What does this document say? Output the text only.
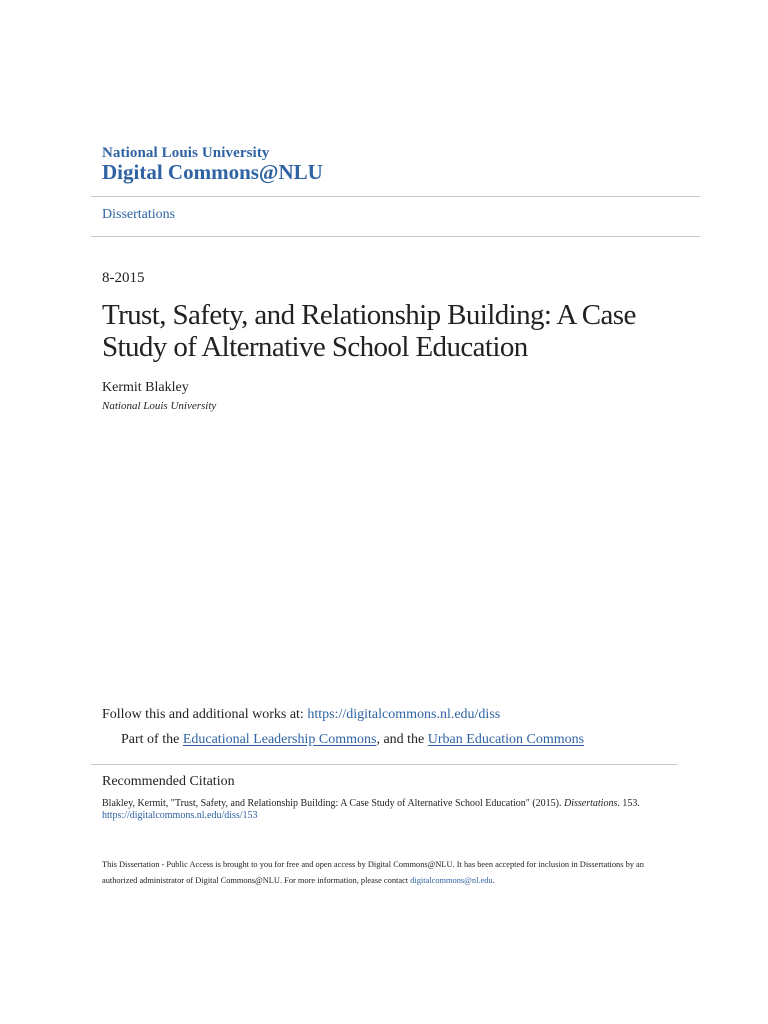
National Louis University
Digital Commons@NLU
Dissertations
8-2015
Trust, Safety, and Relationship Building: A Case Study of Alternative School Education
Kermit Blakley
National Louis University
Follow this and additional works at: https://digitalcommons.nl.edu/diss
Part of the Educational Leadership Commons, and the Urban Education Commons
Recommended Citation
Blakley, Kermit, "Trust, Safety, and Relationship Building: A Case Study of Alternative School Education" (2015). Dissertations. 153.
https://digitalcommons.nl.edu/diss/153
This Dissertation - Public Access is brought to you for free and open access by Digital Commons@NLU. It has been accepted for inclusion in Dissertations by an authorized administrator of Digital Commons@NLU. For more information, please contact digitalcommons@nl.edu.
